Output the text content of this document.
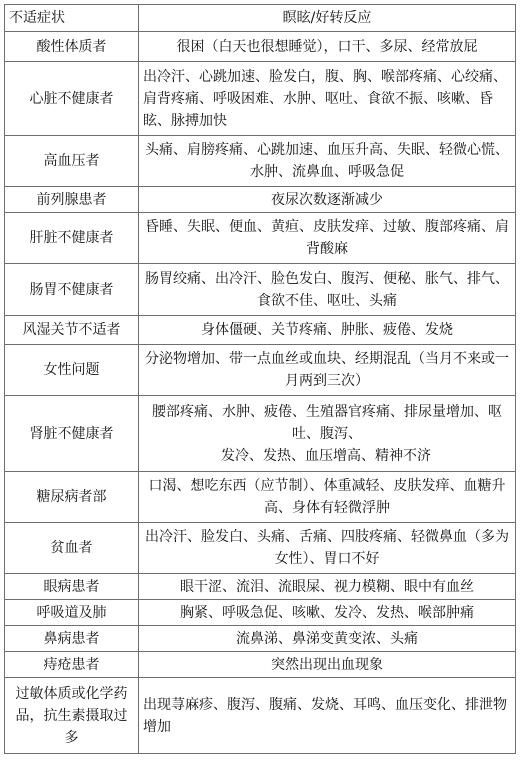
不适症状	瞑眩/好转反应
酸性体质者	很困（白天也很想睡觉），口干、多尿、经常放屁
心脏不健康者	出冷汗、心跳加速、脸发白，腹、胸、喉部疼痛、心绞痛、肩背疼痛、呼吸困难、水肿、呕吐、食欲不振、咳嗽、昏眩、脉搏加快
高血压者	头痛、肩膀疼痛、心跳加速、血压升高、失眠、轻微心慌、水肿、流鼻血、呼吸急促
前列腺患者	夜尿次数逐渐减少
肝脏不健康者	昏睡、失眠、便血、黄疸、皮肤发痒、过敏、腹部疼痛、肩背酸麻
肠胃不健康者	肠胃绞痛、出冷汗、脸色发白、腹泻、便秘、胀气、排气、食欲不佳、呕吐、头痛
风湿关节不适者	身体僵硬、关节疼痛、肿胀、疲倦、发烧
女性问题	分泌物增加、带一点血丝或血块、经期混乱（当月不来或一月两到三次）
肾脏不健康者	腰部疼痛、水肿、疲倦、生殖器官疼痛、排尿量增加、呕吐、腹泻、
发冷、发热、血压增高、精神不济

糖尿病者部	口渴、想吃东西（应节制）、体重减轻、皮肤发痒、血糖升高、身体有轻微浮肿
贫血者	出冷汗、脸发白、头痛、舌痛、四肢疼痛、轻微鼻血（多为女性）、胃口不好
眼病患者	眼干涩、流泪、流眼屎、视力模糊、眼中有血丝
呼吸道及肺	胸紧、呼吸急促、咳嗽、发冷、发热、喉部肿痛
鼻病患者	流鼻涕、鼻涕变黄变浓、头痛
痔疮患者	突然出现出血现象
过敏体质或化学药品，抗生素摄取过多	出现荨麻疹、腹泻、腹痛、发烧、耳鸣、血压变化、排泄物增加
